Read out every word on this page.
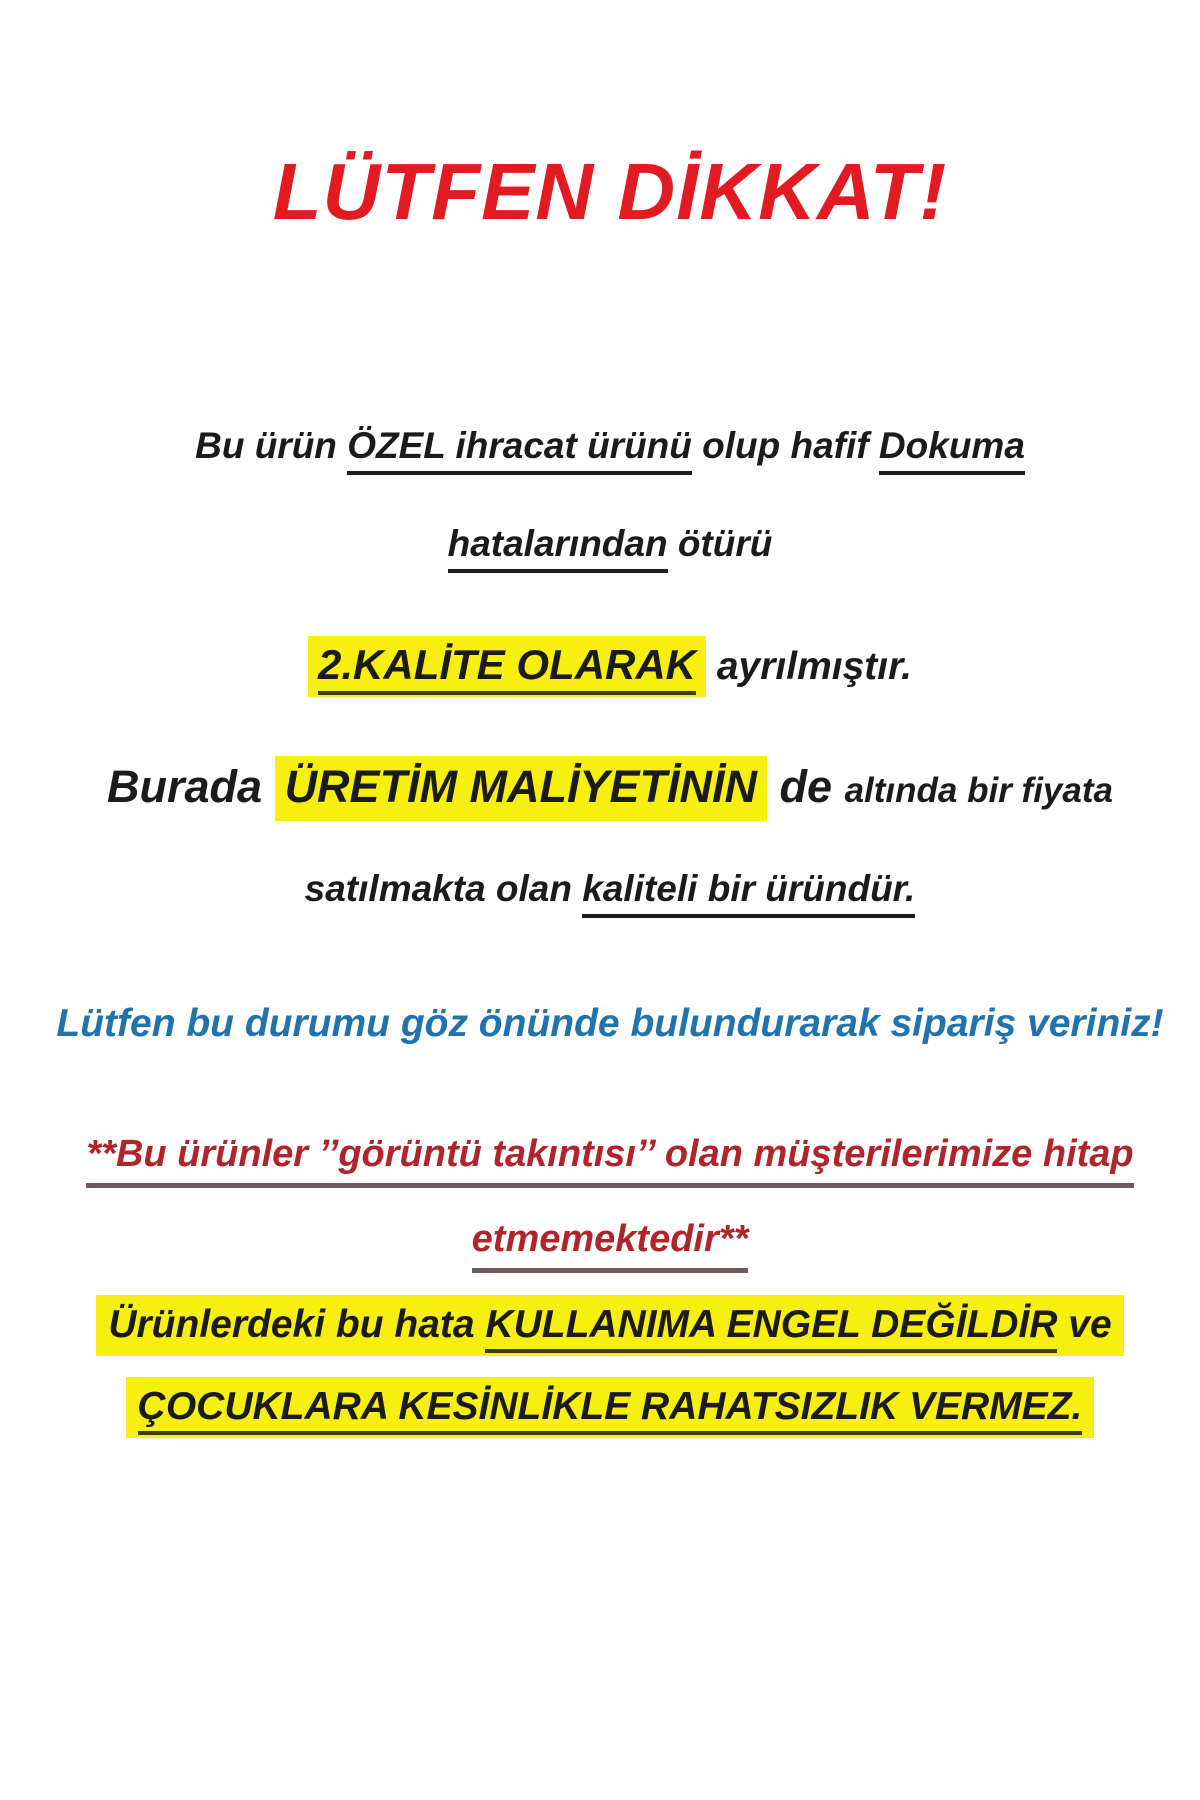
LÜTFEN DİKKAT!

Bu ürün ÖZEL ihracat ürünü olup hafif Dokuma

hatalarından ötürü

2.KALİTE OLARAK ayrılmıştır.

Burada ÜRETİM MALİYETİNİN de altında bir fiyata

satılmakta olan kaliteli bir üründür.

Lütfen bu durumu göz önünde bulundurarak sipariş veriniz!

**Bu ürünler ’’görüntü takıntısı’’ olan müşterilerimize hitap

etmemektedir**

Ürünlerdeki bu hata KULLANIMA ENGEL DEĞİLDİR ve

ÇOCUKLARA KESİNLİKLE RAHATSIZLIK VERMEZ.
